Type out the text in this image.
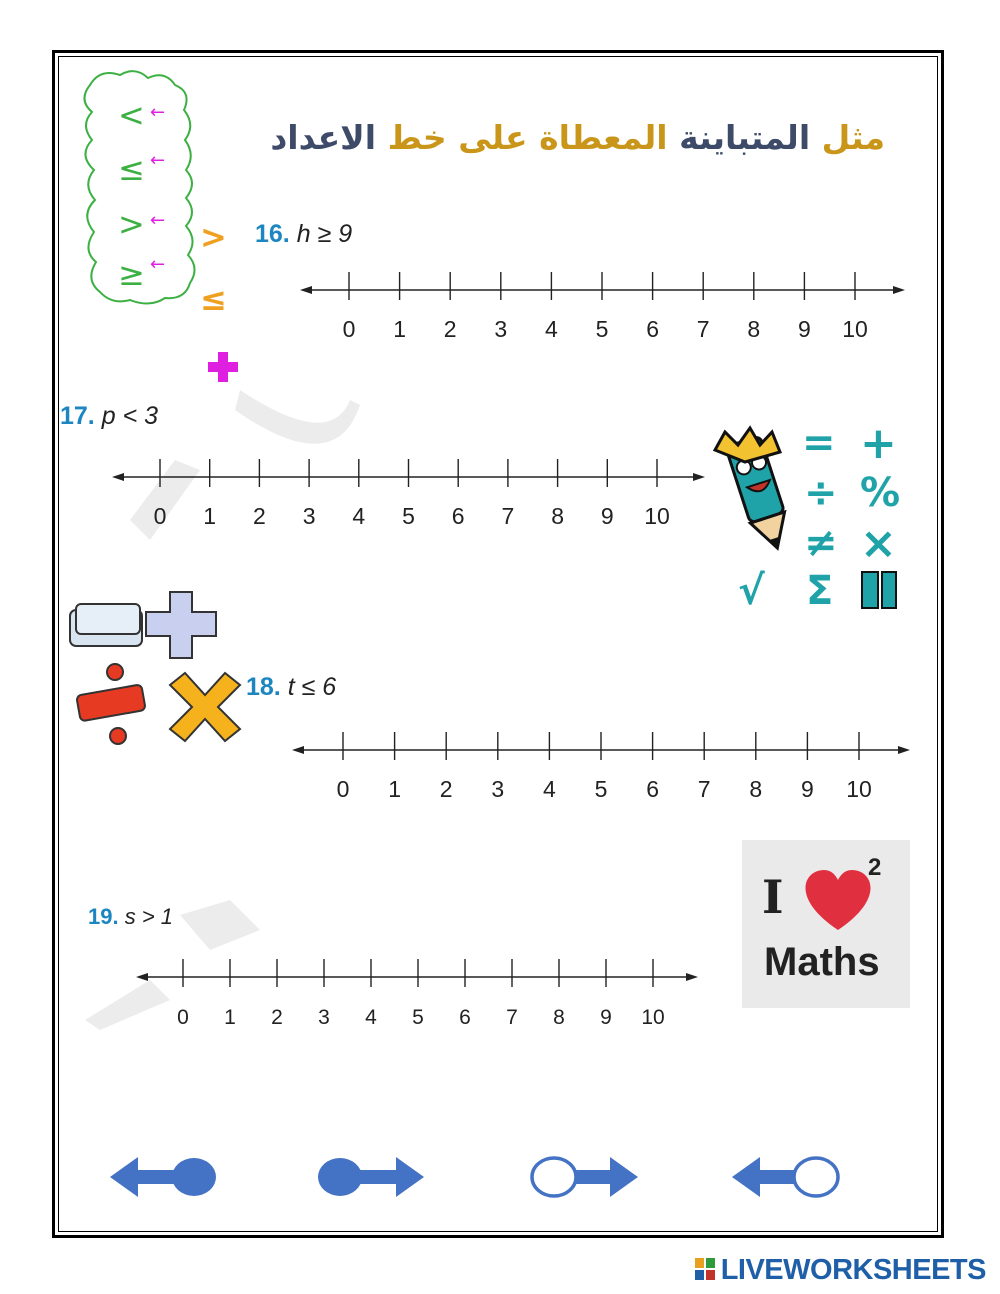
مثل المتباينة المعطاة على خط الاعداد
< ←
≤ ←
> ←
≥ ←
>
≤
16. h ≥ 9
17. p < 3
18. t ≤ 6
19. s > 1
0 1 2 3 4 5 6 7 8 9 10
0 1 2 3 4 5 6 7 8 9 10
0 1 2 3 4 5 6 7 8 9 10
0 1 2 3 4 5 6 7 8 9 10
= +
÷ %
≠ ×
√ Σ
I
2
Maths
LIVEWORKSHEETS
